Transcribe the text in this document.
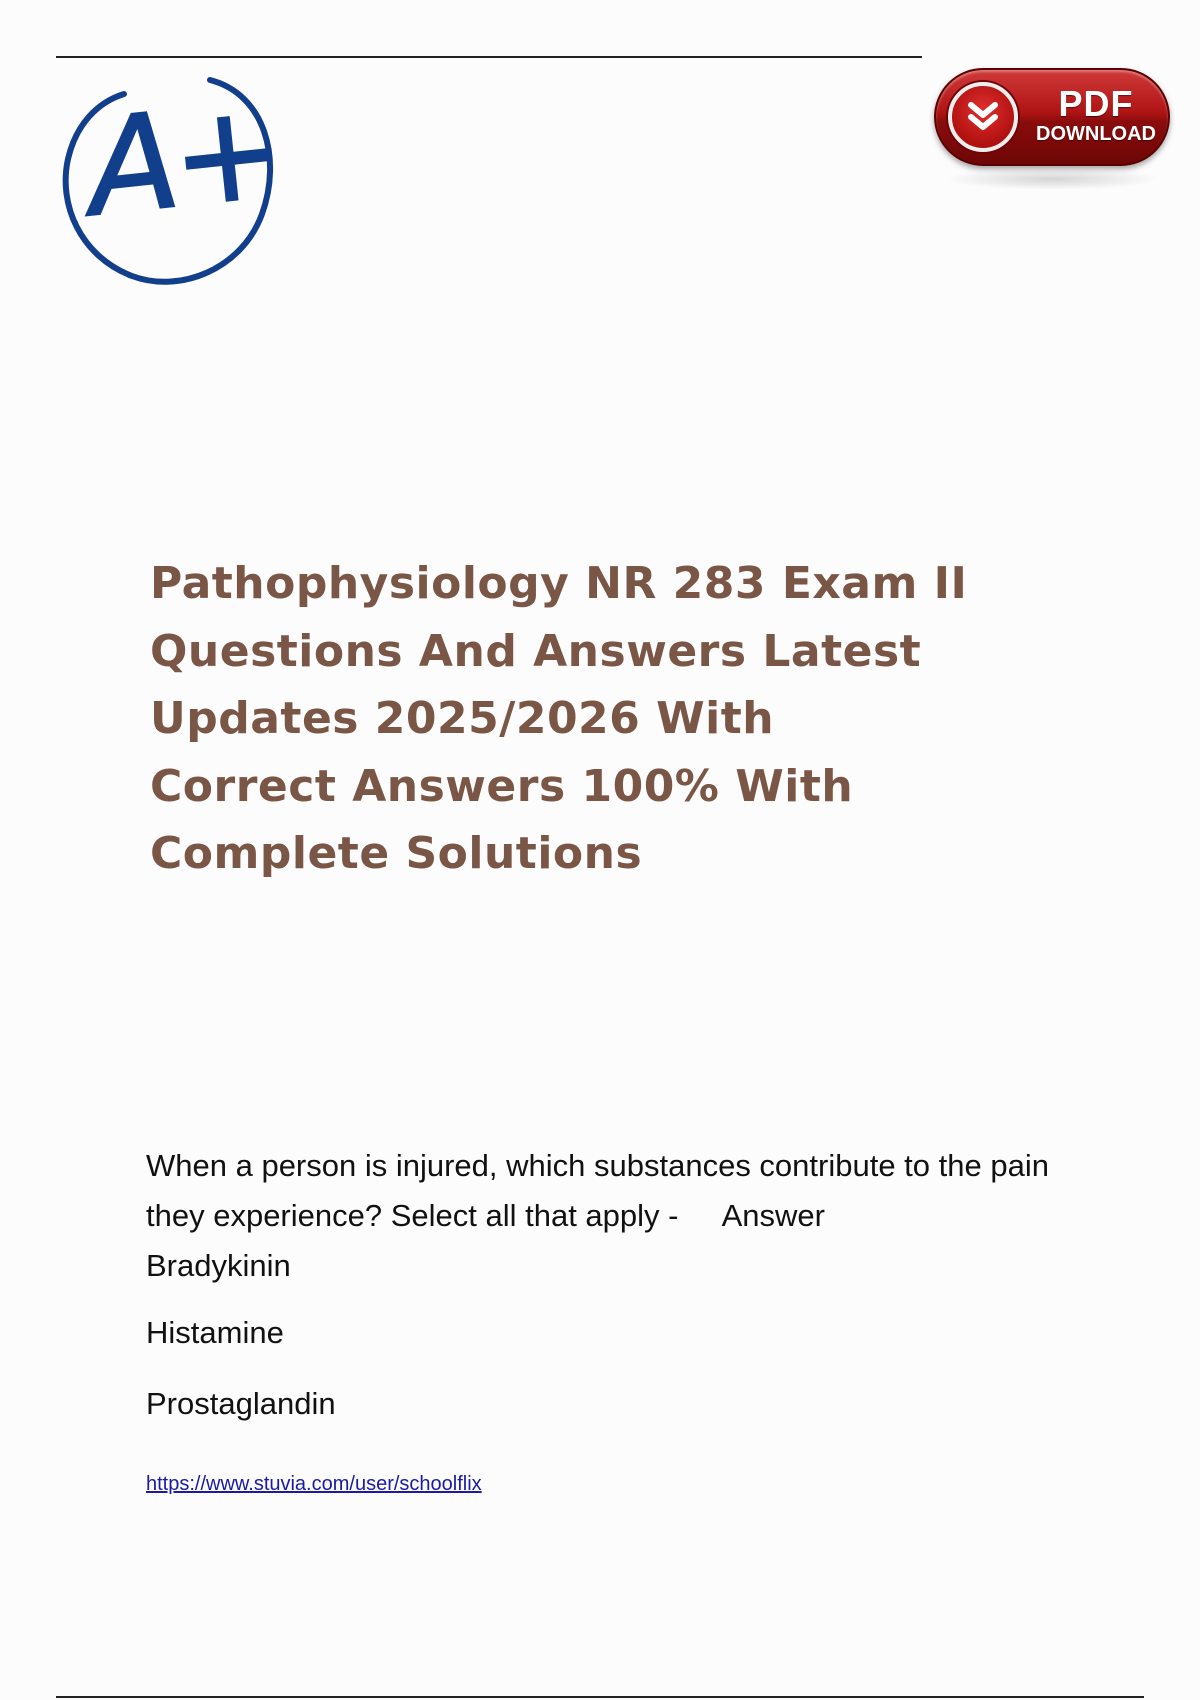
A+	PDF
DOWNLOAD
Pathophysiology NR 283 Exam II Questions And Answers Latest Updates 2025/2026 With Correct Answers 100% With Complete Solutions

When a person is injured, which substances contribute to the pain they experience? Select all that apply - Answer
Bradykinin

Histamine

Prostaglandin

https://www.stuvia.com/user/schoolflix
